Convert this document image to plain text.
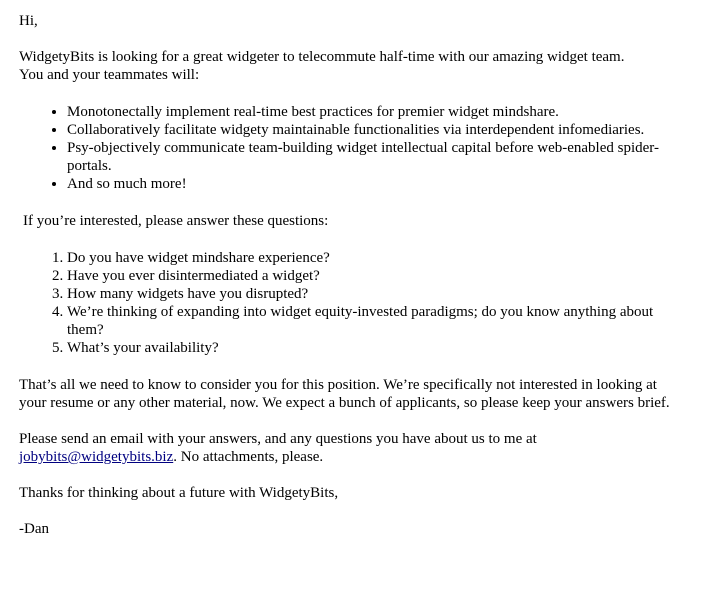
Hi,

WidgetyBits is looking for a great widgeter to telecommute half-time with our amazing widget team.
You and your teammates will:

• Monotonectally implement real-time best practices for premier widget mindshare.
• Collaboratively facilitate widgety maintainable functionalities via interdependent infomediaries.
• Psy-objectively communicate team-building widget intellectual capital before web-enabled spider-portals.
• And so much more!

If you’re interested, please answer these questions:

1. Do you have widget mindshare experience?
2. Have you ever disintermediated a widget?
3. How many widgets have you disrupted?
4. We’re thinking of expanding into widget equity-invested paradigms; do you know anything about them?
5. What’s your availability?

That’s all we need to know to consider you for this position. We’re specifically not interested in looking at your resume or any other material, now. We expect a bunch of applicants, so please keep your answers brief.

Please send an email with your answers, and any questions you have about us to me at jobybits@widgetybits.biz. No attachments, please.

Thanks for thinking about a future with WidgetyBits,

-Dan
